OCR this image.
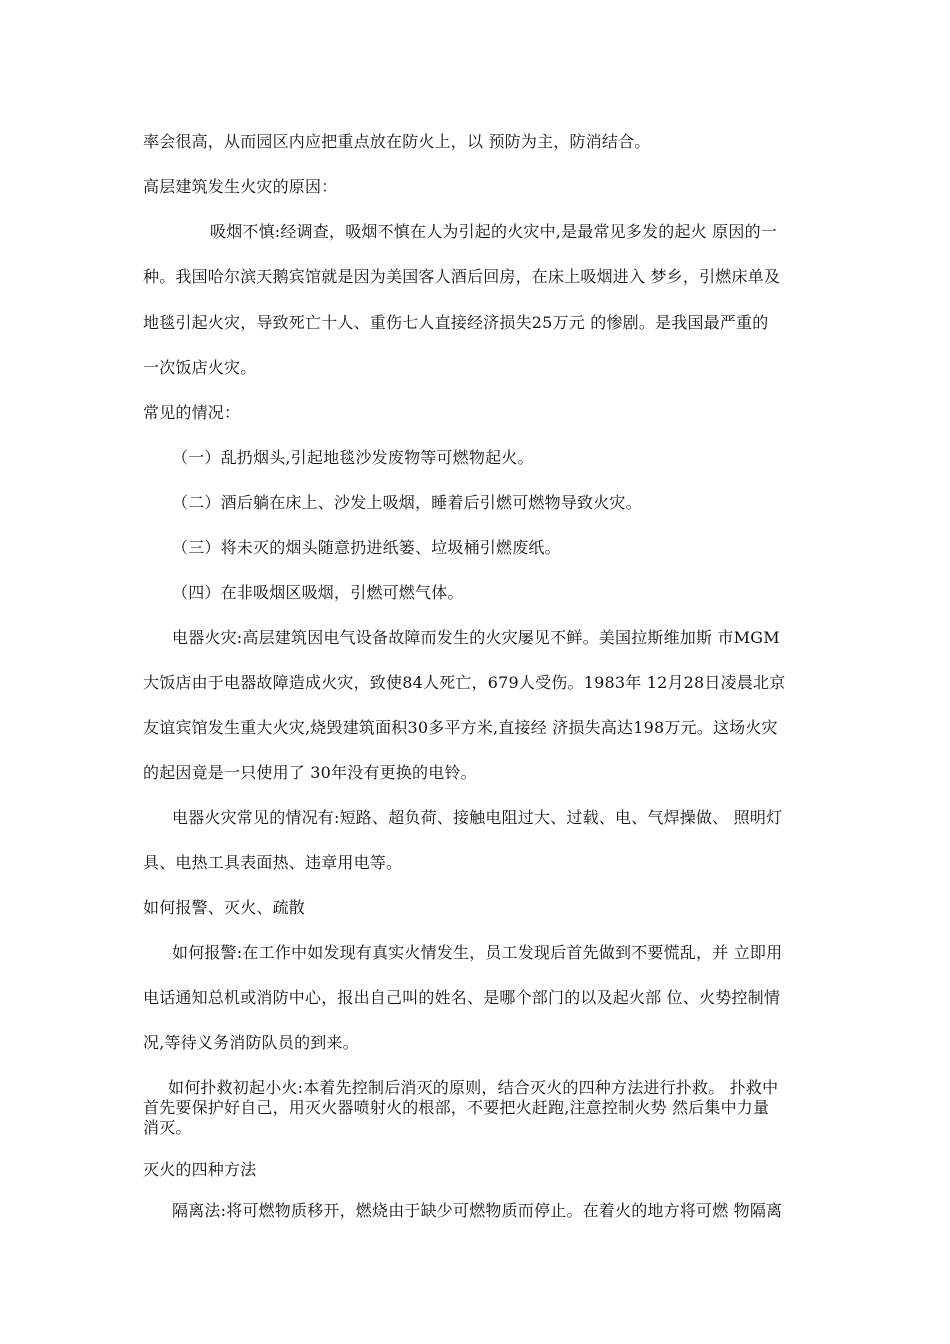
率会很高，从而园区内应把重点放在防火上，以 预防为主，防消结合。
高层建筑发生火灾的原因：
吸烟不慎:经调查，吸烟不慎在人为引起的火灾中,是最常见多发的起火 原因的一
种。我国哈尔滨天鹅宾馆就是因为美国客人酒后回房，在床上吸烟进入 梦乡，引燃床单及
地毯引起火灾，导致死亡十人、重伤七人直接经济损失25万元 的惨剧。是我国最严重的
一次饭店火灾。
常见的情况：
（一）乱扔烟头,引起地毯沙发废物等可燃物起火。
（二）酒后躺在床上、沙发上吸烟，睡着后引燃可燃物导致火灾。
（三）将未灭的烟头随意扔进纸篓、垃圾桶引燃废纸。
（四）在非吸烟区吸烟，引燃可燃气体。
电器火灾:高层建筑因电气设备故障而发生的火灾屡见不鲜。美国拉斯维加斯 市MGM
大饭店由于电器故障造成火灾，致使84人死亡，679人受伤。1983年 12月28日凌晨北京
友谊宾馆发生重大火灾,烧毁建筑面积30多平方米,直接经 济损失高达198万元。这场火灾
的起因竟是一只使用了 30年没有更换的电铃。
电器火灾常见的情况有:短路、超负荷、接触电阻过大、过载、电、气焊操做、 照明灯
具、电热工具表面热、违章用电等。
如何报警、灭火、疏散
如何报警:在工作中如发现有真实火情发生，员工发现后首先做到不要慌乱，并 立即用
电话通知总机或消防中心，报出自己叫的姓名、是哪个部门的以及起火部 位、火势控制情
况,等待义务消防队员的到来。
如何扑救初起小火:本着先控制后消灭的原则，结合灭火的四种方法进行扑救。 扑救中
首先要保护好自己，用灭火器喷射火的根部，不要把火赶跑,注意控制火势 然后集中力量
消灭。
灭火的四种方法
隔离法:将可燃物质移开，燃烧由于缺少可燃物质而停止。在着火的地方将可燃 物隔离
